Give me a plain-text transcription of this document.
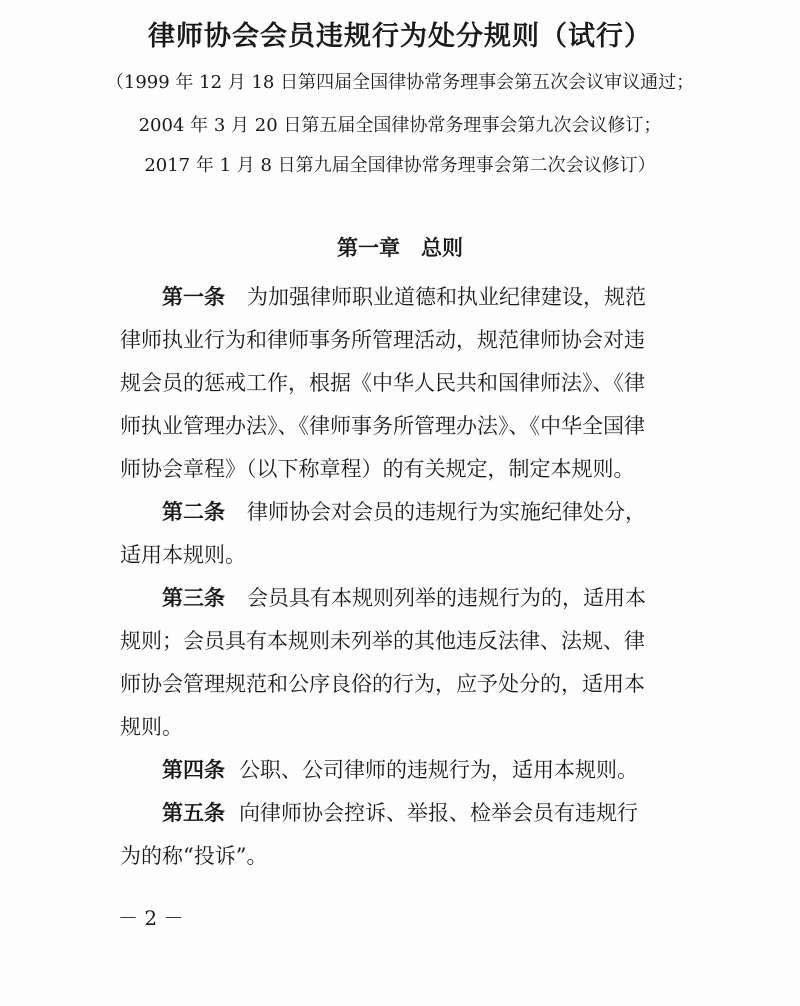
律师协会会员违规行为处分规则（试行）
（1999 年 12 月 18 日第四届全国律协常务理事会第五次会议审议通过；
2004 年 3 月 20 日第五届全国律协常务理事会第九次会议修订；
2017 年 1 月 8 日第九届全国律协常务理事会第二次会议修订）
第一章　总则
第一条 为加强律师职业道德和执业纪律建设，规范
律师执业行为和律师事务所管理活动，规范律师协会对违
规会员的惩戒工作，根据《中华人民共和国律师法》、《律
师执业管理办法》、《律师事务所管理办法》、《中华全国律
师协会章程》（以下称章程）的有关规定，制定本规则。
第二条 律师协会对会员的违规行为实施纪律处分，
适用本规则。
第三条 会员具有本规则列举的违规行为的，适用本
规则；会员具有本规则未列举的其他违反法律、法规、律
师协会管理规范和公序良俗的行为，应予处分的，适用本
规则。
第四条 公职、公司律师的违规行为，适用本规则。
第五条 向律师协会控诉、举报、检举会员有违规行
为的称“投诉”。
－ 2 －
